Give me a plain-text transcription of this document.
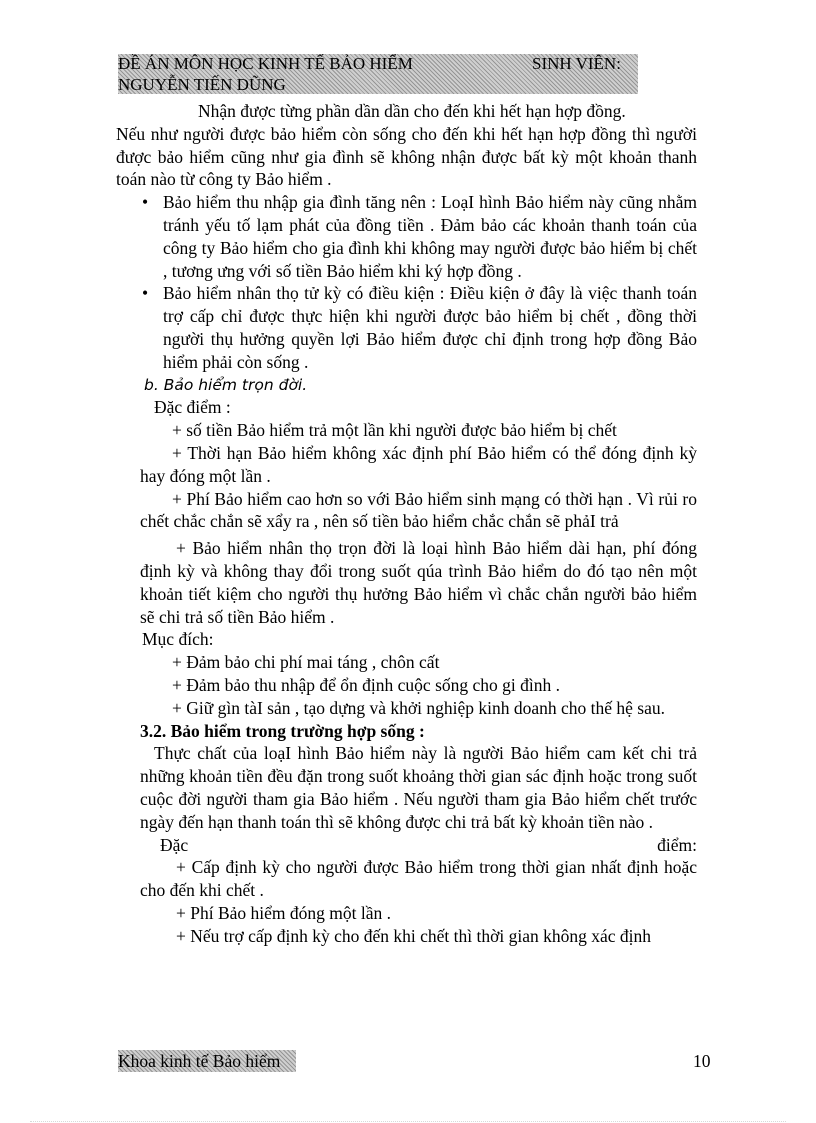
ĐỀ ÁN MÔN HỌC KINH TẾ BẢO HIỂM	SINH VIÊN:
NGUYỄN TIẾN DŨNG

Nhận được từng phần dần dần cho đến khi hết hạn hợp đồng.

Nếu như người được bảo hiểm còn sống cho đến khi hết hạn hợp đồng thì người được bảo hiểm cũng như gia đình sẽ không nhận được bất kỳ một khoản thanh toán nào từ công ty Bảo hiểm .

• Bảo hiểm thu nhập gia đình tăng nên : LoạI hình Bảo hiểm này cũng nhằm tránh yếu tố lạm phát của đồng tiền . Đảm bảo các khoản thanh toán của công ty Bảo hiểm cho gia đình khi không may người được bảo hiểm bị chết , tương ưng với số tiền Bảo hiểm khi ký hợp đồng .

• Bảo hiểm nhân thọ tử kỳ có điều kiện : Điều kiện ở đây là việc thanh toán trợ cấp chỉ được thực hiện khi người được bảo hiểm bị chết , đồng thời người thụ hưởng quyền lợi Bảo hiểm được chỉ định trong hợp đồng Bảo hiểm phải còn sống .

b. Bảo hiểm trọn đời.

Đặc điểm :

+ số tiền Bảo hiểm trả một lần khi người được bảo hiểm bị chết

+ Thời hạn Bảo hiểm không xác định phí Bảo hiểm có thể đóng định kỳ hay đóng một lần .

+ Phí Bảo hiểm cao hơn so với Bảo hiểm sinh mạng có thời hạn . Vì rủi ro chết chắc chắn sẽ xẩy ra , nên số tiền bảo hiểm chắc chắn sẽ phảI trả

+ Bảo hiểm nhân thọ trọn đời là loại hình Bảo hiểm dài hạn, phí đóng định kỳ và không thay đổi trong suốt qúa trình Bảo hiểm do đó tạo nên một khoản tiết kiệm cho người thụ hưởng Bảo hiểm vì chắc chắn người bảo hiểm sẽ chi trả số tiền Bảo hiểm .

Mục đích:

+ Đảm bảo chi phí mai táng , chôn cất

+ Đảm bảo thu nhập để ổn định cuộc sống cho gi đình .

+ Giữ gìn tàI sản , tạo dựng và khởi nghiệp kinh doanh cho thế hệ sau.

3.2. Bảo hiểm trong trường hợp sống :

Thực chất của loạI hình Bảo hiểm này là người Bảo hiểm cam kết chi trả những khoản tiền đều đặn trong suốt khoảng thời gian sác định hoặc trong suốt cuộc đời người tham gia Bảo hiểm . Nếu người tham gia Bảo hiểm chết trước ngày đến hạn thanh toán thì sẽ không được chi trả bất kỳ khoản tiền nào .

Đặc	điểm:

+ Cấp định kỳ cho người được Bảo hiểm trong thời gian nhất định hoặc cho đến khi chết .

+ Phí Bảo hiểm đóng một lần .

+ Nếu trợ cấp định kỳ cho đến khi chết thì thời gian không xác định

Khoa kinh tế Bảo hiểm	10
